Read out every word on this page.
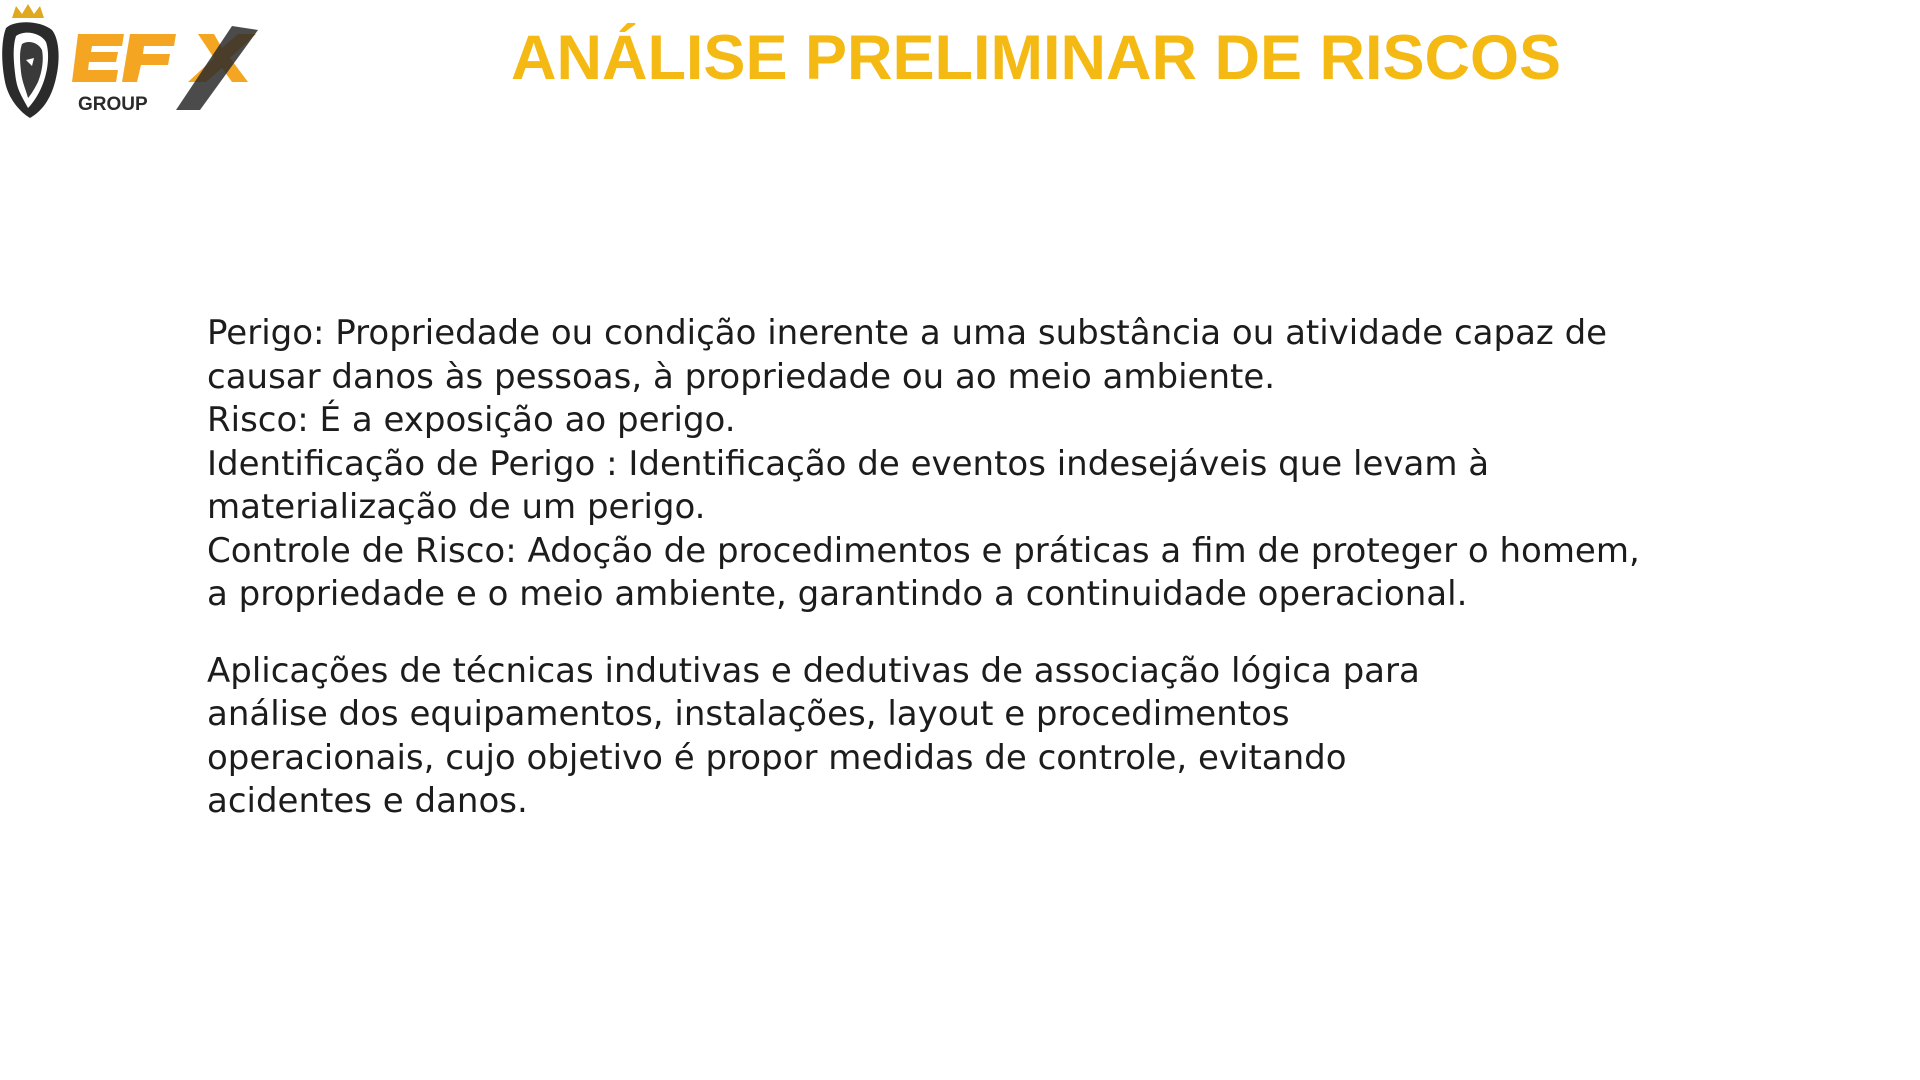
GROUP
ANÁLISE PRELIMINAR DE RISCOS

Perigo: Propriedade ou condição inerente a uma substância ou atividade capaz de

causar danos às pessoas, à propriedade ou ao meio ambiente.

Risco: É a exposição ao perigo.

Identificação de Perigo : Identificação de eventos indesejáveis que levam à

materialização de um perigo.

Controle de Risco: Adoção de procedimentos e práticas a fim de proteger o homem,

a propriedade e o meio ambiente, garantindo a continuidade operacional.

Aplicações de técnicas indutivas e dedutivas de associação lógica para

análise dos equipamentos, instalações, layout e procedimentos

operacionais, cujo objetivo é propor medidas de controle, evitando

acidentes e danos.
